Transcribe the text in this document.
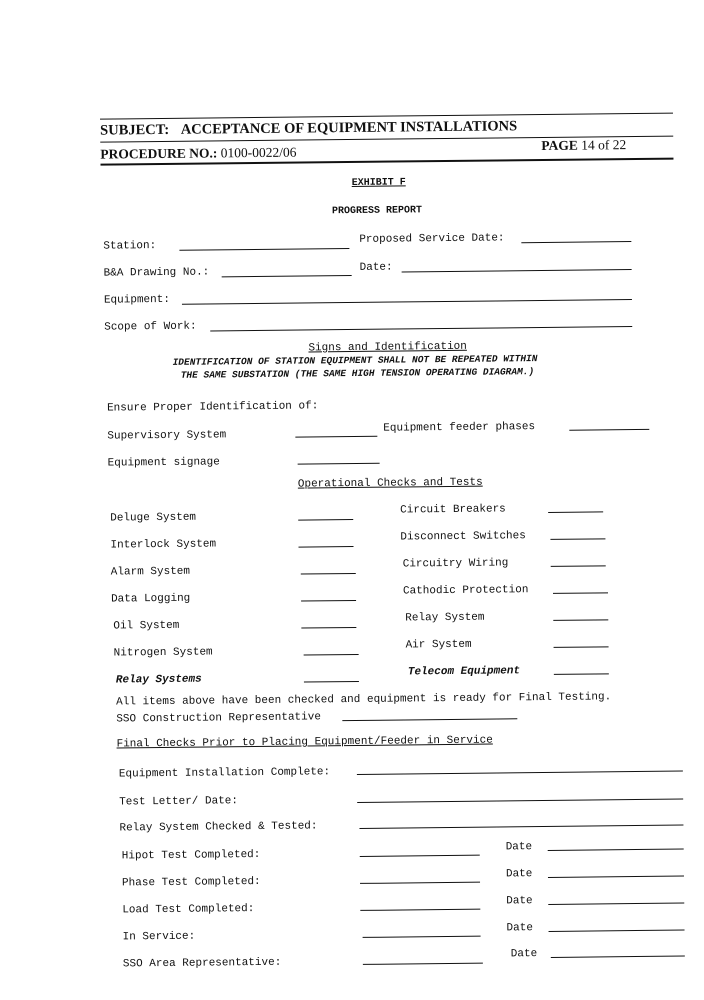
SUBJECT: ACCEPTANCE OF EQUIPMENT INSTALLATIONS
PROCEDURE NO.: 0100-0022/06	PAGE 14 of 22
EXHIBIT F
PROGRESS REPORT
Station:
Proposed Service Date:
B&A Drawing No.:	Date:
Equipment:
Scope of Work:
Signs and Identification
IDENTIFICATION OF STATION EQUIPMENT SHALL NOT BE REPEATED WITHIN
THE SAME SUBSTATION (THE SAME HIGH TENSION OPERATING DIAGRAM.)
Ensure Proper Identification of:
Supervisory System
Equipment feeder phases
Equipment signage
Operational Checks and Tests
Deluge System
Circuit Breakers
Interlock System
Disconnect Switches
Alarm System
Circuitry Wiring
Data Logging
Cathodic Protection
Oil System
Relay System
Nitrogen System
Air System
Relay Systems
Telecom Equipment
All items above have been checked and equipment is ready for Final Testing.
SSO Construction Representative
Final Checks Prior to Placing Equipment/Feeder in Service
Equipment Installation Complete:
Test Letter/ Date:
Relay System Checked & Tested:
Hipot Test Completed:
Date
Phase Test Completed:
Date
Load Test Completed:
Date
In Service:
Date
SSO Area Representative:
Date
